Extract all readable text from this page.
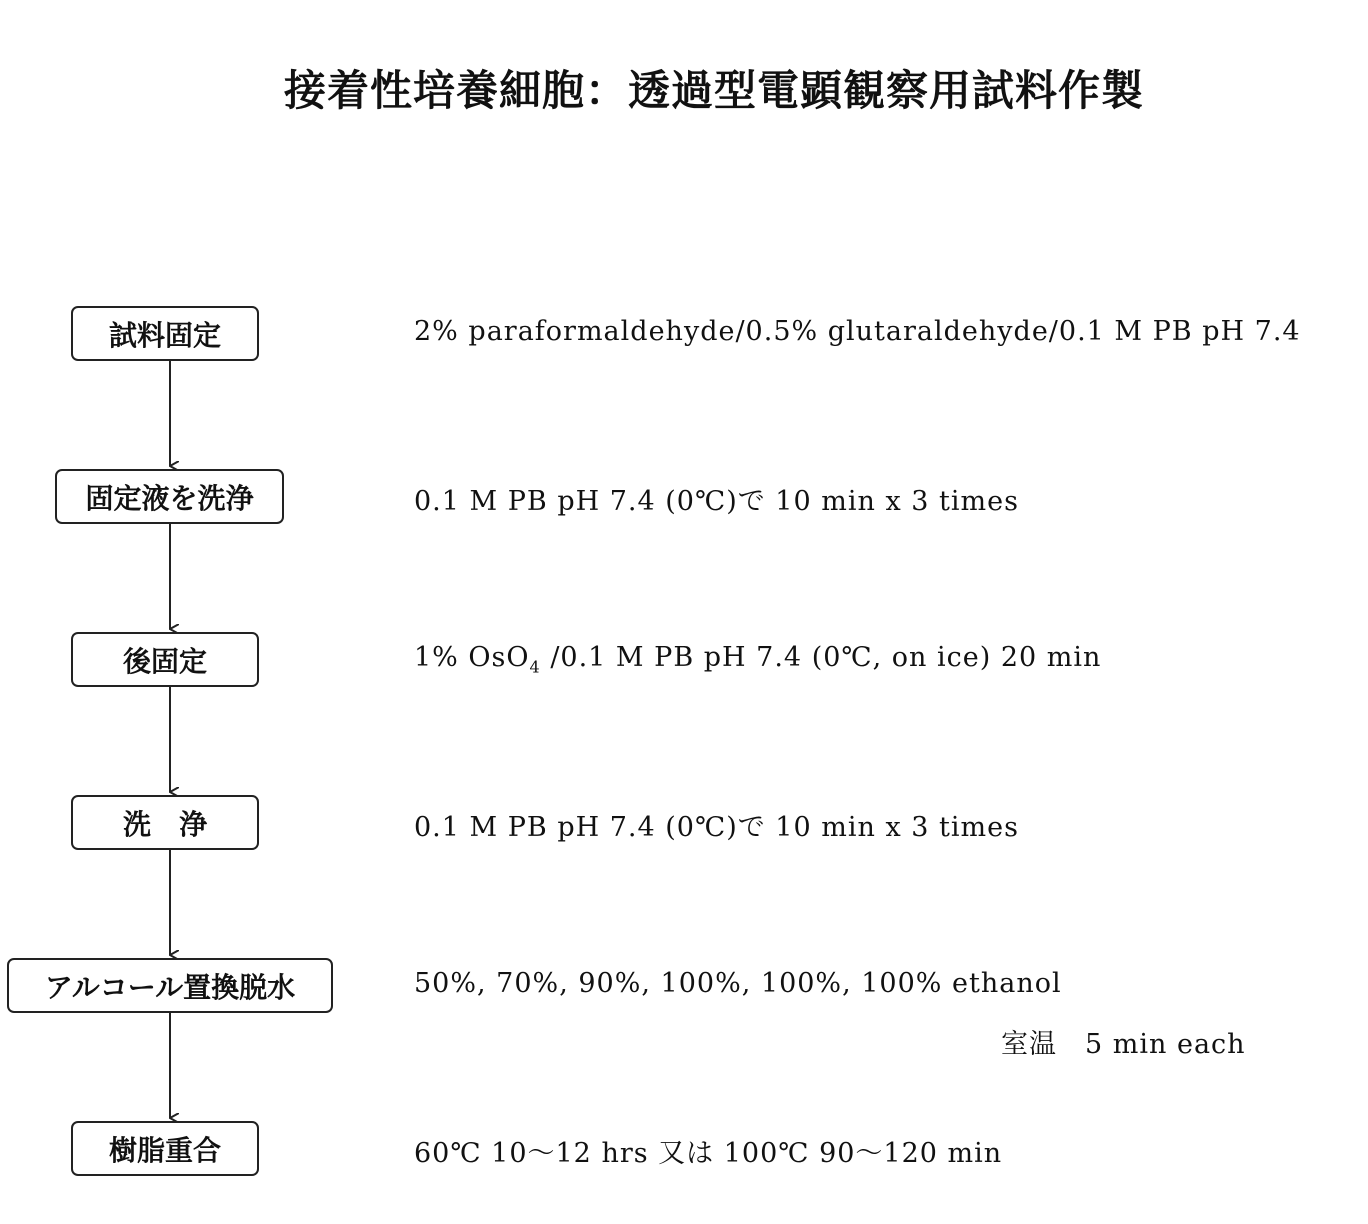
接着性培養細胞：透過型電顕観察用試料作製
試料固定	2% paraformaldehyde/0.5% glutaraldehyde/0.1 M PB pH 7.4
固定液を洗浄	0.1 M PB pH 7.4 (0℃)で 10 min x 3 times
後固定	1% OsO$_4$ /0.1 M PB pH 7.4 (0℃, on ice) 20 min
洗　浄	0.1 M PB pH 7.4 (0℃)で 10 min x 3 times
アルコール置換脱水	50%, 70%, 90%, 100%, 100%, 100% ethanol
室温　5 min each
樹脂重合	60℃ 10〜12 hrs 又は 100℃ 90〜120 min
